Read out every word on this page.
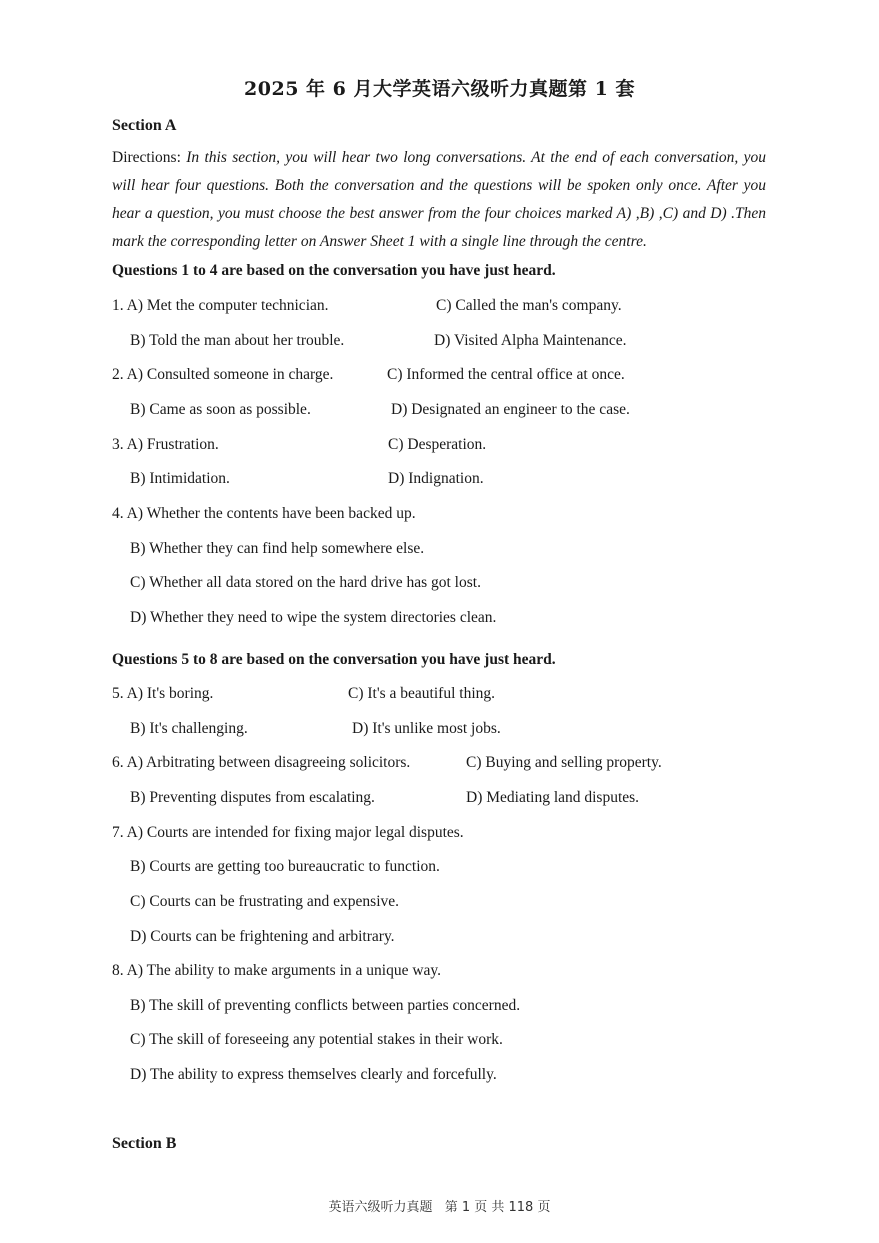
2025 年 6 月大学英语六级听力真题第 1 套
Section A
Directions: In this section, you will hear two long conversations. At the end of each conversation, you will hear four questions. Both the conversation and the questions will be spoken only once. After you hear a question, you must choose the best answer from the four choices marked A) ,B) ,C) and D) .Then mark the corresponding letter on Answer Sheet 1 with a single line through the centre.
Questions 1 to 4 are based on the conversation you have just heard.
1. A) Met the computer technician.	C) Called the man's company.
B) Told the man about her trouble.	D) Visited Alpha Maintenance.
2. A) Consulted someone in charge.	C) Informed the central office at once.
B) Came as soon as possible.	D) Designated an engineer to the case.
3. A) Frustration.	C) Desperation.
B) Intimidation.	D) Indignation.
4. A) Whether the contents have been backed up.
B) Whether they can find help somewhere else.
C) Whether all data stored on the hard drive has got lost.
D) Whether they need to wipe the system directories clean.
Questions 5 to 8 are based on the conversation you have just heard.
5. A) It's boring.	C) It's a beautiful thing.
B) It's challenging.	D) It's unlike most jobs.
6. A) Arbitrating between disagreeing solicitors.	C) Buying and selling property.
B) Preventing disputes from escalating.	D) Mediating land disputes.
7. A) Courts are intended for fixing major legal disputes.
B) Courts are getting too bureaucratic to function.
C) Courts can be frustrating and expensive.
D) Courts can be frightening and arbitrary.
8. A) The ability to make arguments in a unique way.
B) The skill of preventing conflicts between parties concerned.
C) The skill of foreseeing any potential stakes in their work.
D) The ability to express themselves clearly and forcefully.
Section B
英语六级听力真题 第 1 页 共 118 页
